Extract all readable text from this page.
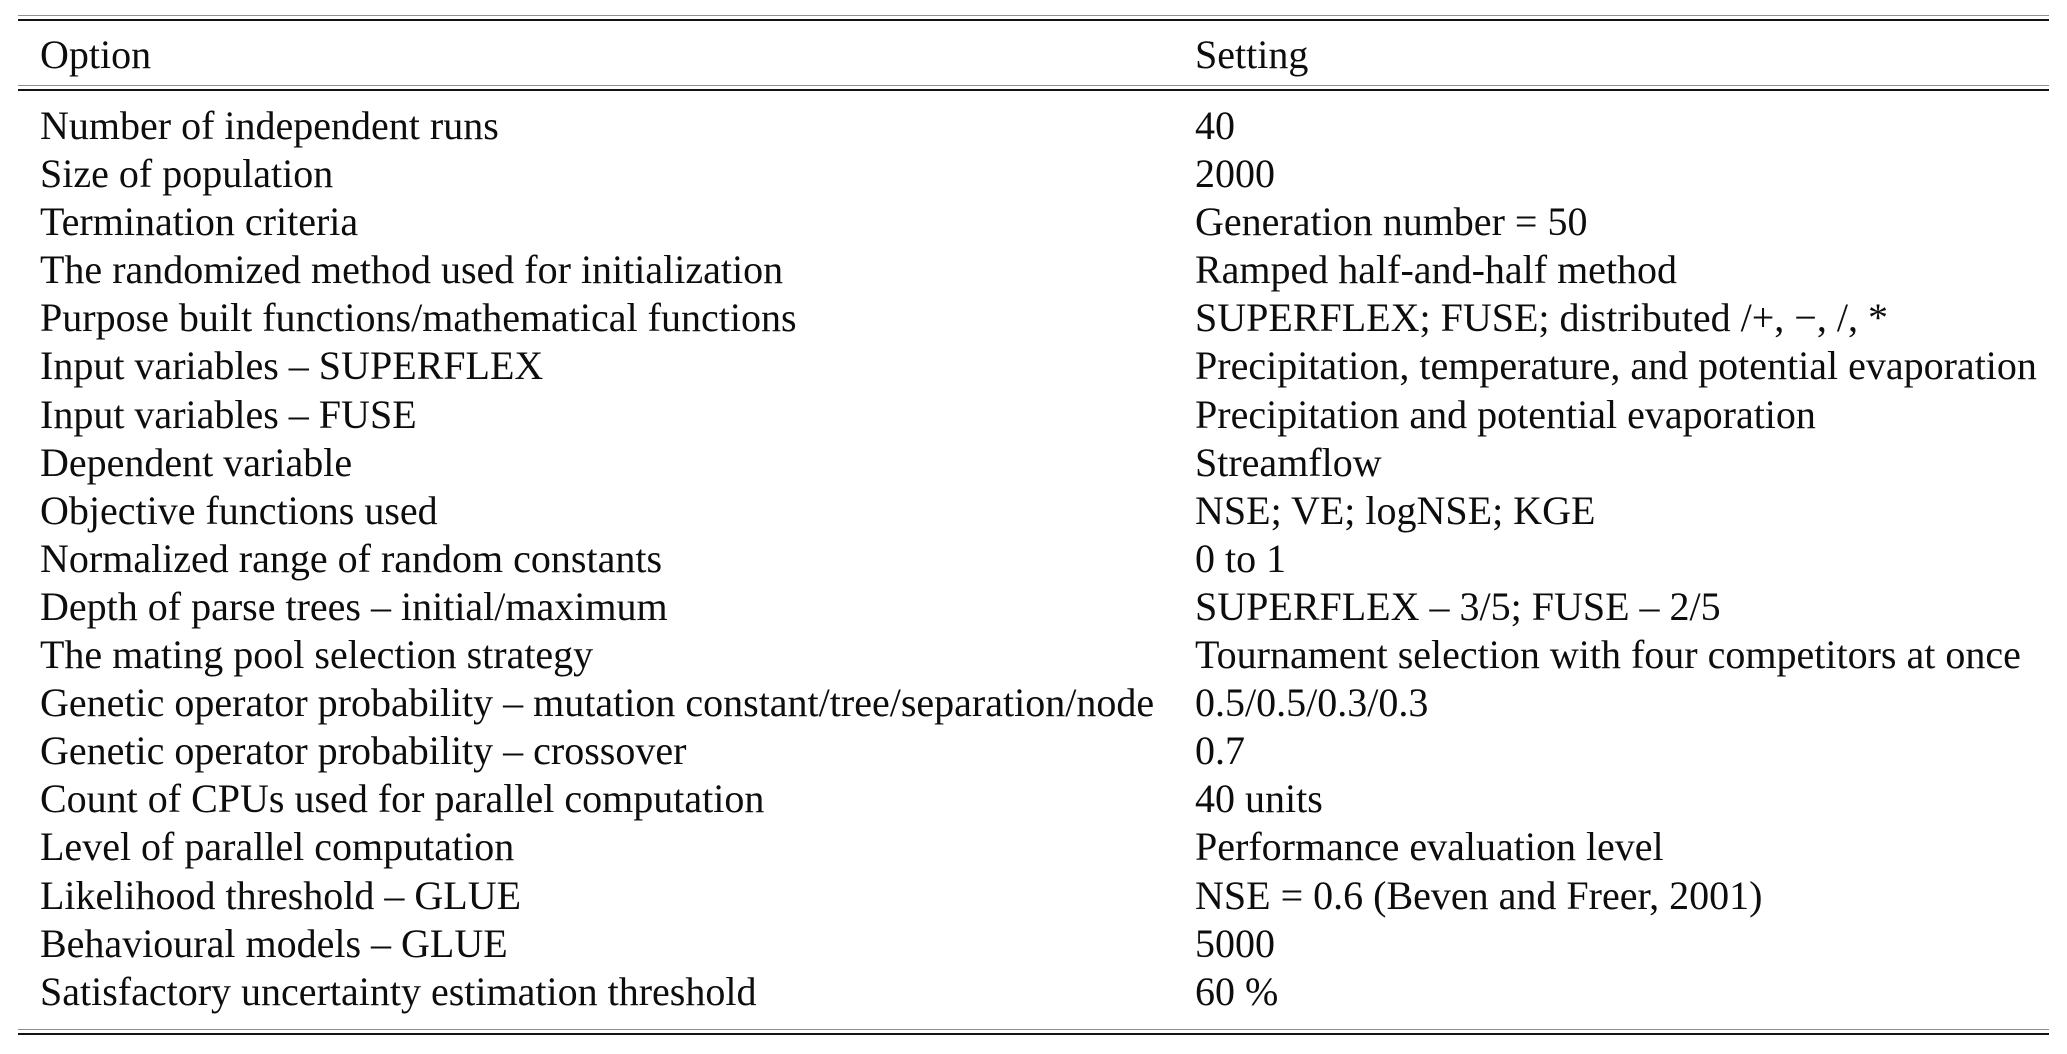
Option	Setting
Number of independent runs	40
Size of population	2000
Termination criteria	Generation number = 50
The randomized method used for initialization	Ramped half-and-half method
Purpose built functions/mathematical functions	SUPERFLEX; FUSE; distributed /+, −, /, *
Input variables – SUPERFLEX	Precipitation, temperature, and potential evaporation
Input variables – FUSE	Precipitation and potential evaporation
Dependent variable	Streamflow
Objective functions used	NSE; VE; logNSE; KGE
Normalized range of random constants	0 to 1
Depth of parse trees – initial/maximum	SUPERFLEX – 3/5; FUSE – 2/5
The mating pool selection strategy	Tournament selection with four competitors at once
Genetic operator probability – mutation constant/tree/separation/node	0.5/0.5/0.3/0.3
Genetic operator probability – crossover	0.7
Count of CPUs used for parallel computation	40 units
Level of parallel computation	Performance evaluation level
Likelihood threshold – GLUE	NSE = 0.6 (Beven and Freer, 2001)
Behavioural models – GLUE	5000
Satisfactory uncertainty estimation threshold	60 %
